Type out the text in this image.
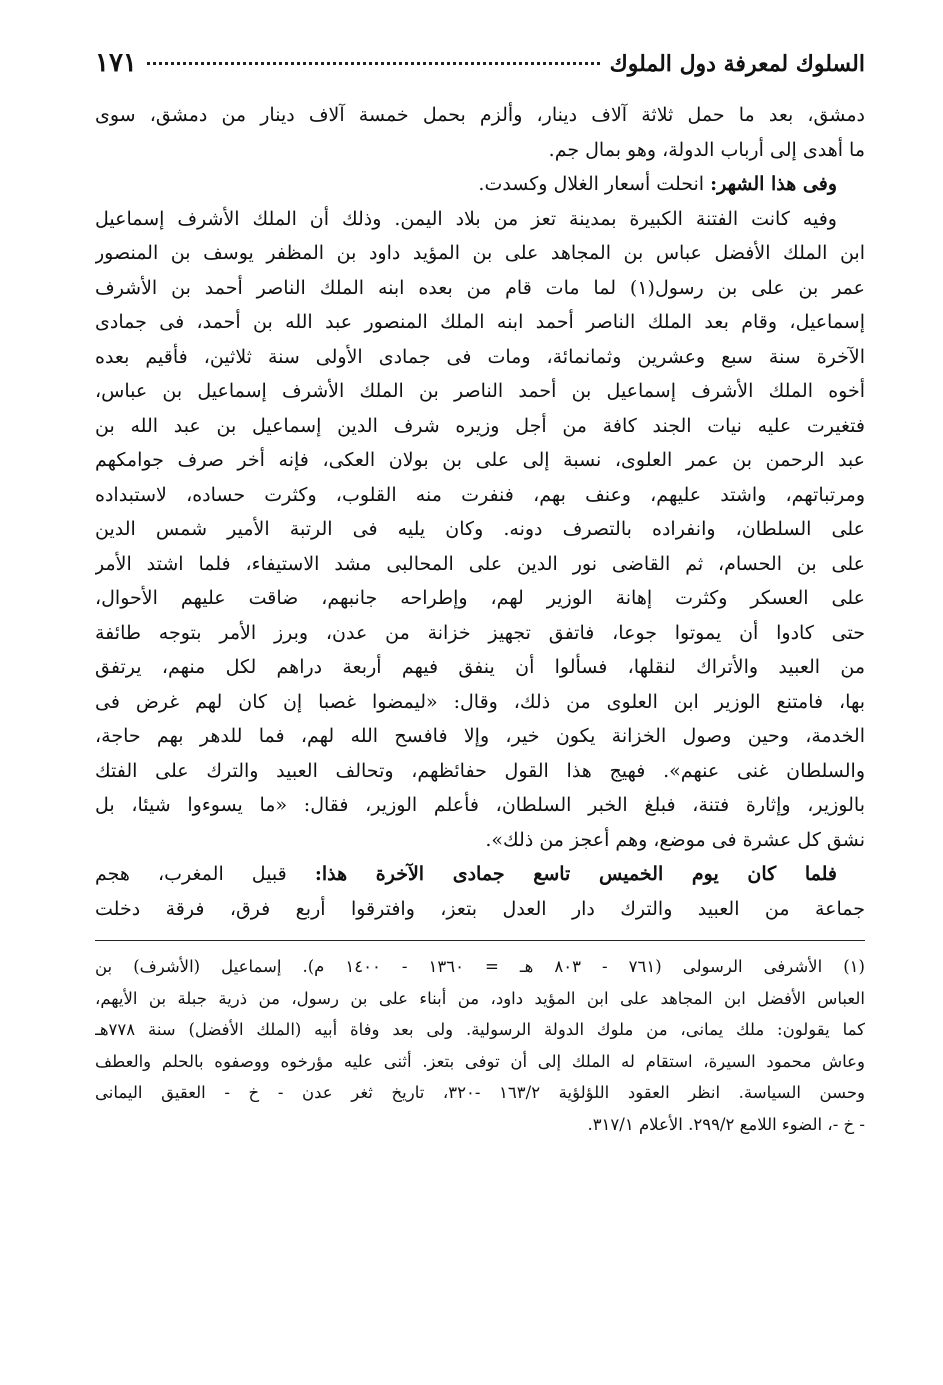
السلوك لمعرفة دول الملوك
١٧١
دمشق، بعد ما حمل ثلاثة آلاف دينار، وألزم بحمل خمسة آلاف دينار من دمشق، سوى
ما أهدى إلى أرباب الدولة، وهو بمال جم.
وفى هذا الشهر: انحلت أسعار الغلال وكسدت.
وفيه كانت الفتنة الكبيرة بمدينة تعز من بلاد اليمن. وذلك أن الملك الأشرف إسماعيل
ابن الملك الأفضل عباس بن المجاهد على بن المؤيد داود بن المظفر يوسف بن المنصور
عمر بن على بن رسول(١) لما مات قام من بعده ابنه الملك الناصر أحمد بن الأشرف
إسماعيل، وقام بعد الملك الناصر أحمد ابنه الملك المنصور عبد الله بن أحمد، فى جمادى
الآخرة سنة سبع وعشرين وثمانمائة، ومات فى جمادى الأولى سنة ثلاثين، فأقيم بعده
أخوه الملك الأشرف إسماعيل بن أحمد الناصر بن الملك الأشرف إسماعيل بن عباس،
فتغيرت عليه نيات الجند كافة من أجل وزيره شرف الدين إسماعيل بن عبد الله بن
عبد الرحمن بن عمر العلوى، نسبة إلى على بن بولان العكى، فإنه أخر صرف جوامكهم
ومرتباتهم، واشتد عليهم، وعنف بهم، فنفرت منه القلوب، وكثرت حساده، لاستبداده
على السلطان، وانفراده بالتصرف دونه. وكان يليه فى الرتبة الأمير شمس الدين
على بن الحسام، ثم القاضى نور الدين على المحالبى مشد الاستيفاء، فلما اشتد الأمر
على العسكر وكثرت إهانة الوزير لهم، وإطراحه جانبهم، ضاقت عليهم الأحوال،
حتى كادوا أن يموتوا جوعا، فاتفق تجهيز خزانة من عدن، وبرز الأمر بتوجه طائفة
من العبيد والأتراك لنقلها، فسألوا أن ينفق فيهم أربعة دراهم لكل منهم، يرتفق
بها، فامتنع الوزير ابن العلوى من ذلك، وقال: «ليمضوا غصبا إن كان لهم غرض فى
الخدمة، وحين وصول الخزانة يكون خير، وإلا فافسح الله لهم، فما للدهر بهم حاجة،
والسلطان غنى عنهم». فهيج هذا القول حفائظهم، وتحالف العبيد والترك على الفتك
بالوزير، وإثارة فتنة، فبلغ الخبر السلطان، فأعلم الوزير، فقال: «ما يسوءوا شيئا، بل
نشق كل عشرة فى موضع، وهم أعجز من ذلك».
فلما كان يوم الخميس تاسع جمادى الآخرة هذا: قبيل المغرب، هجم
جماعة من العبيد والترك دار العدل بتعز، وافترقوا أربع فرق، فرقة دخلت
(١) الأشرفى الرسولى (٧٦١ - ٨٠٣ هـ = ١٣٦٠ - ١٤٠٠ م). إسماعيل (الأشرف) بن
العباس الأفضل ابن المجاهد على ابن المؤيد داود، من أبناء على بن رسول، من ذرية جبلة بن الأيهم،
كما يقولون: ملك يمانى، من ملوك الدولة الرسولية. ولى بعد وفاة أبيه (الملك الأفضل) سنة ٧٧٨هـ
وعاش محمود السيرة، استقام له الملك إلى أن توفى بتعز. أثنى عليه مؤرخوه ووصفوه بالحلم والعطف
وحسن السياسة. انظر العقود اللؤلؤية ١٦٣/٢ -٣٢٠، تاريخ ثغر عدن - خ - العقيق اليمانى
- خ -، الضوء اللامع ٢٩٩/٢. الأعلام ٣١٧/١.
